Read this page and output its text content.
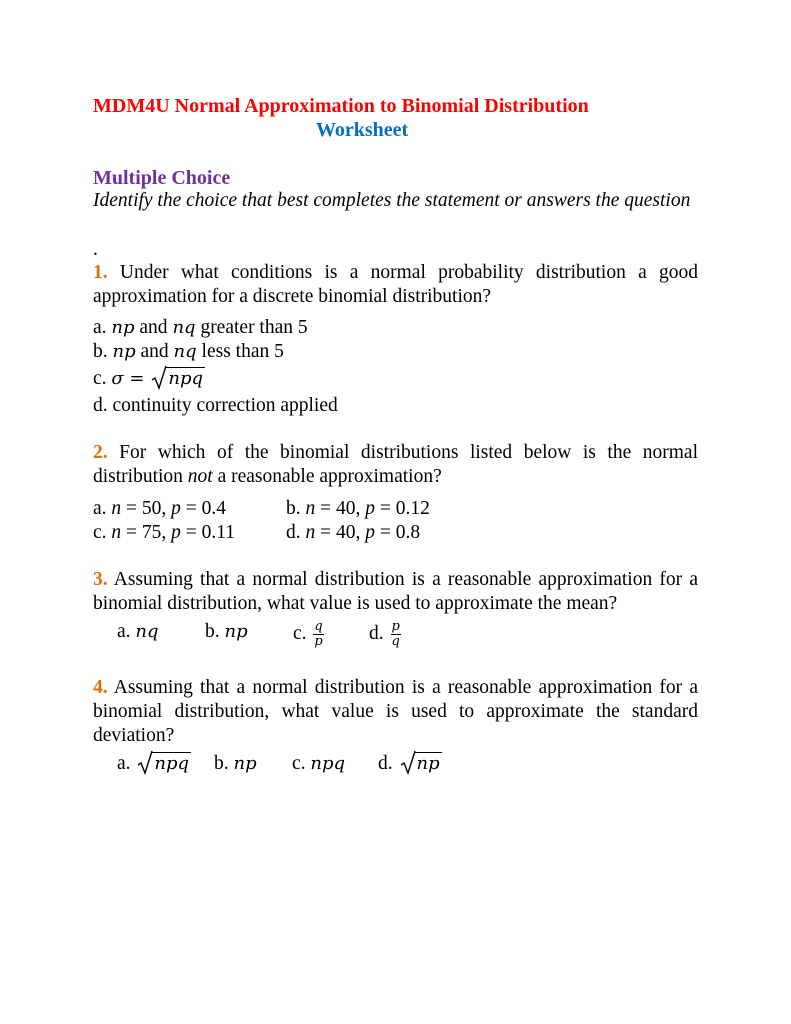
MDM4U Normal Approximation to Binomial Distribution
Worksheet
Multiple Choice
Identify the choice that best completes the statement or answers the question
.
1. Under what conditions is a normal probability distribution a good approximation for a discrete binomial distribution?
a. np and nq greater than 5
b. np and nq less than 5
c. σ = npq
d. continuity correction applied
2. For which of the binomial distributions listed below is the normal distribution not a reasonable approximation?
a. n = 50, p = 0.4	b. n = 40, p = 0.12
c. n = 75, p = 0.11	d. n = 40, p = 0.8
3. Assuming that a normal distribution is a reasonable approximation for a binomial distribution, what value is used to approximate the mean?
a. nq b. np c. $\frac{q}{p} d$. $\frac{p}{q}$
4. Assuming that a normal distribution is a reasonable approximation for a binomial distribution, what value is used to approximate the standard deviation?
a. npq b. np c. npq d. np
